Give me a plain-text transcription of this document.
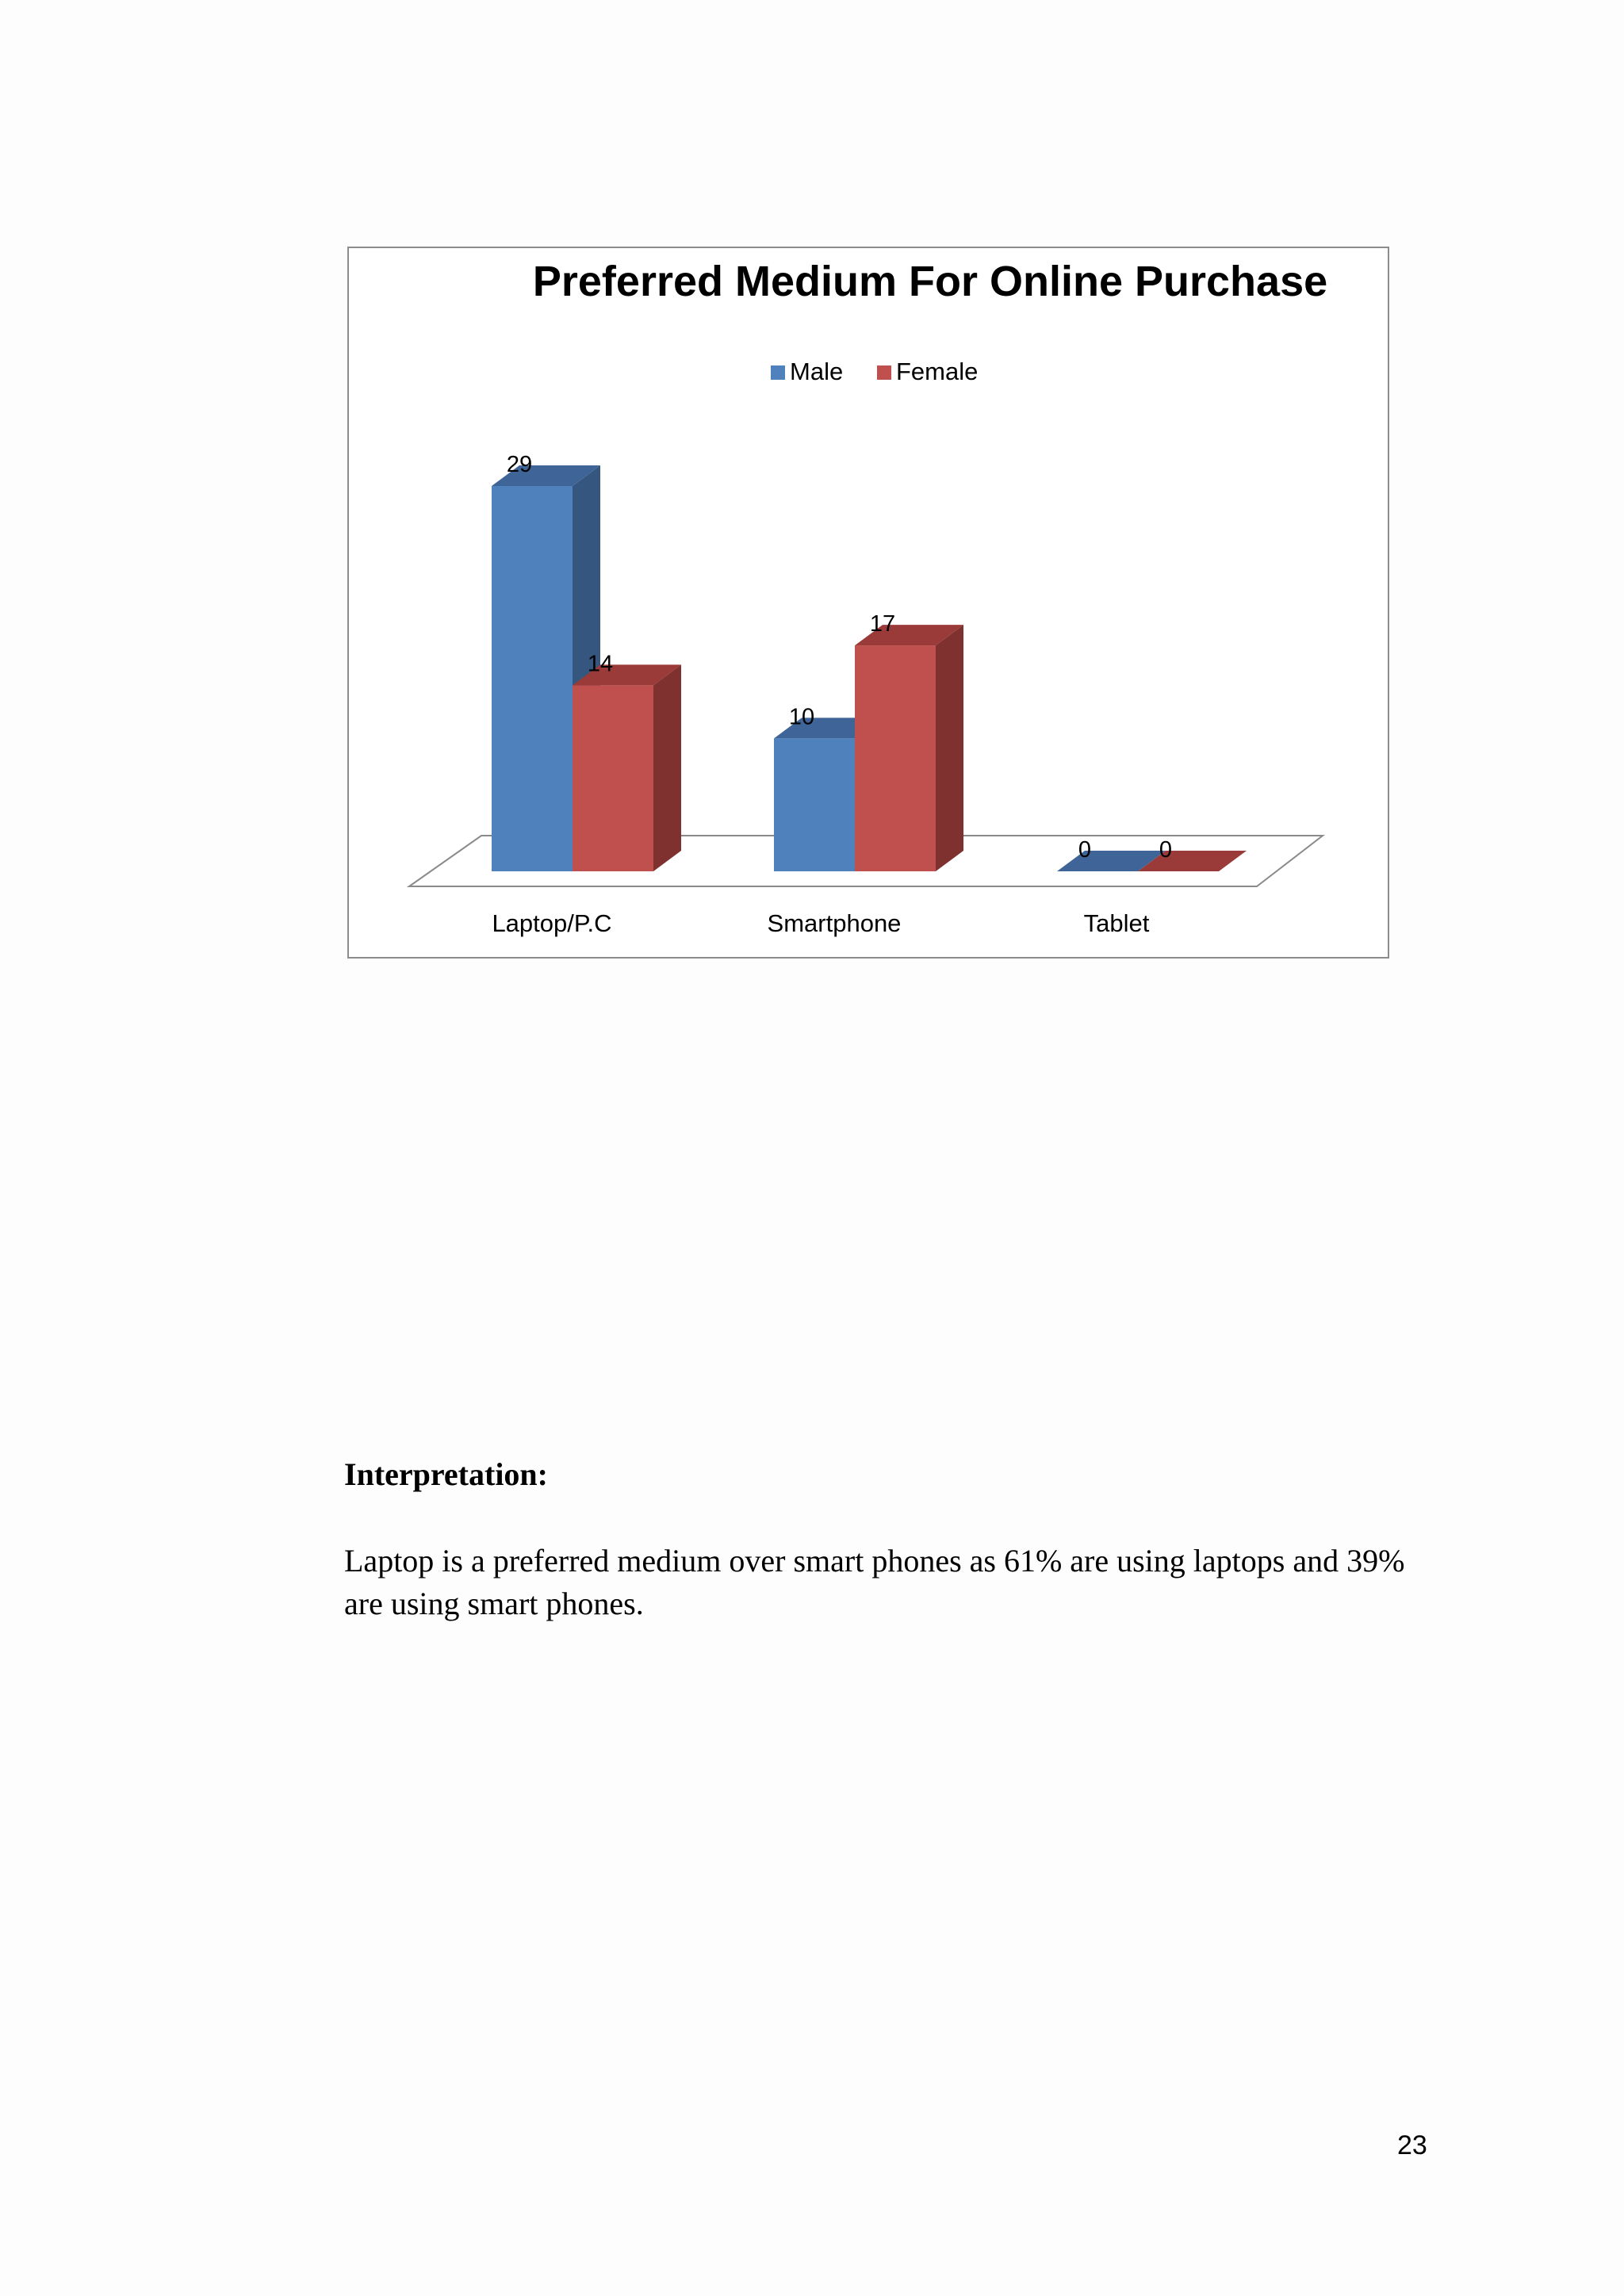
Preferred Medium For Online Purchase
Male Female
29
14
10
17
0	0
Laptop/P.C	Smartphone	Tablet
Interpretation:

Laptop is a preferred medium over smart phones as 61% are using laptops and 39% are using smart phones.

23
